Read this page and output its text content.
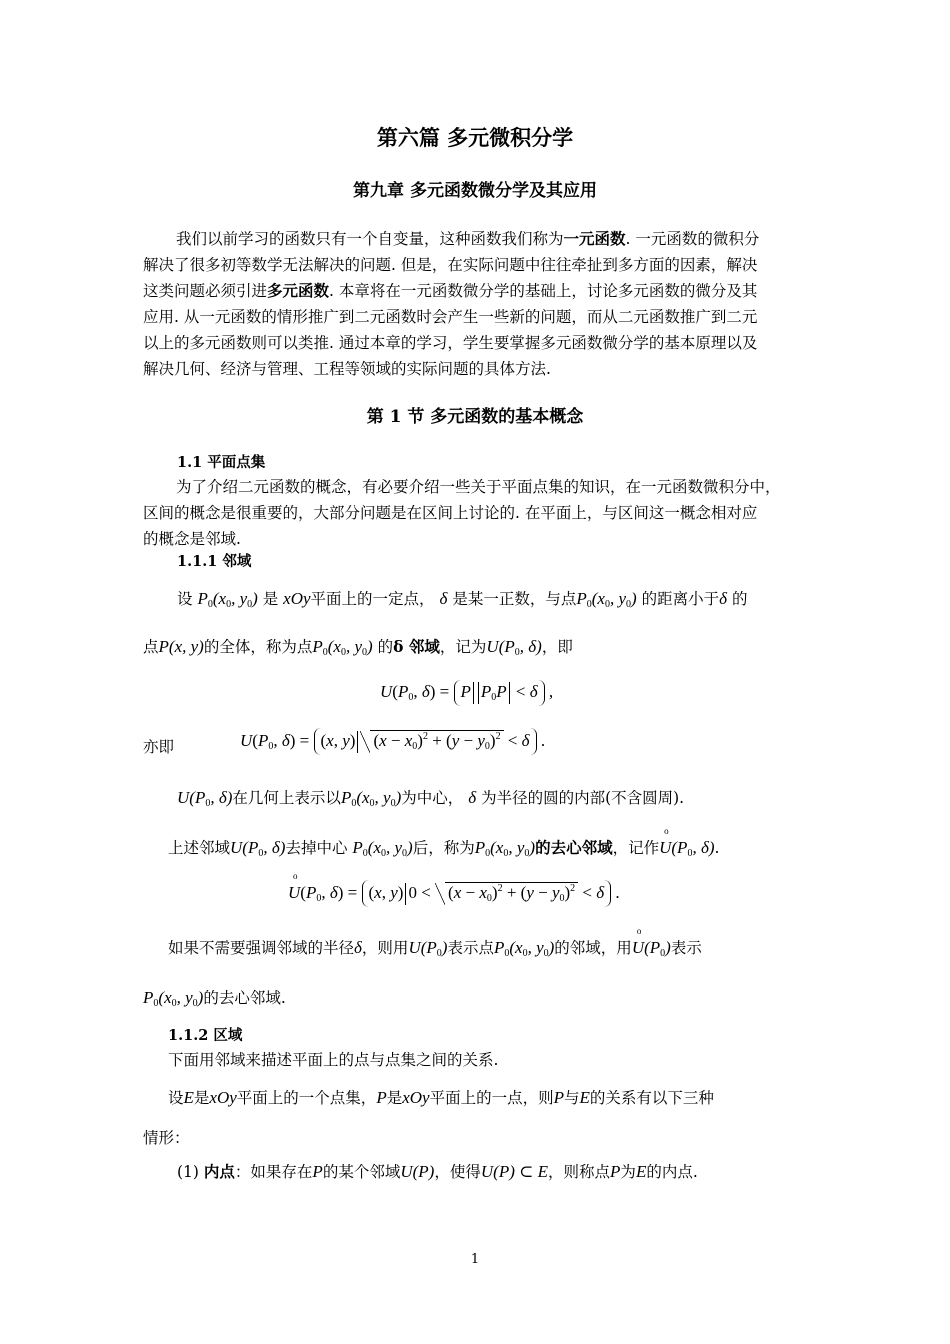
第六篇 多元微积分学
第九章 多元函数微分学及其应用

我们以前学习的函数只有一个自变量，这种函数我们称为一元函数. 一元函数的微积分
解决了很多初等数学无法解决的问题. 但是，在实际问题中往往牵扯到多方面的因素，解决
这类问题必须引进多元函数. 本章将在一元函数微分学的基础上，讨论多元函数的微分及其
应用. 从一元函数的情形推广到二元函数时会产生一些新的问题，而从二元函数推广到二元
以上的多元函数则可以类推. 通过本章的学习，学生要掌握多元函数微分学的基本原理以及
解决几何、经济与管理、工程等领域的实际问题的具体方法.

第 1 节 多元函数的基本概念
1.1 平面点集

为了介绍二元函数的概念，有必要介绍一些关于平面点集的知识，在一元函数微积分中，
区间的概念是很重要的，大部分问题是在区间上讨论的. 在平面上，与区间这一概念相对应
的概念是邻域.

1.1.1 邻域
设 $P_0(x_0$, $y_0$) 是 xOy平面上的一定点， δ 是某一正数，与点$P_0(x_0$, $y_0$) 的距离小于δ 的
点P(x, y)的全体，称为点$P_0(x_0$, $y_0$) 的δ 邻域，记为$U(P_0$, δ)，即
$U(P_0$, δ) = P $P_0P < \delta$ ,
亦即	$U(P_0$, δ) = (x, y) $(x - x_0)^2 + (y - y_0)^2 < \delta$ .
$U(P_0$, δ)在几何上表示以$P_0(x_0$, $y_0$)为中心， δ 为半径的圆的内部(不含圆周).
上述邻域$U(P_0$, δ)去掉中心 $P_0(x_0$, $y_0$)后，称为$P_0(x_0$, $y_0$)的去心邻域，记作o $U(P_0$, δ).
o $U(P_0$, δ) = (x, y) $0 < (x - x_0)^2 + (y - y_0)^2 < \delta$ .
如果不需要强调邻域的半径δ，则用$U(P_0)$表示点$P_0(x_0$, $y_0$)的邻域，用o $U(P_0)$表示
$P_0(x_0$, $y_0$)的去心邻域.
1.1.2 区域
下面用邻域来描述平面上的点与点集之间的关系.
设E是xOy平面上的一个点集，P是xOy平面上的一点，则P与E的关系有以下三种
情形：
(1) 内点：如果存在P的某个邻域U(P)，使得U(P) ⊂ E，则称点P为E的内点.
1
